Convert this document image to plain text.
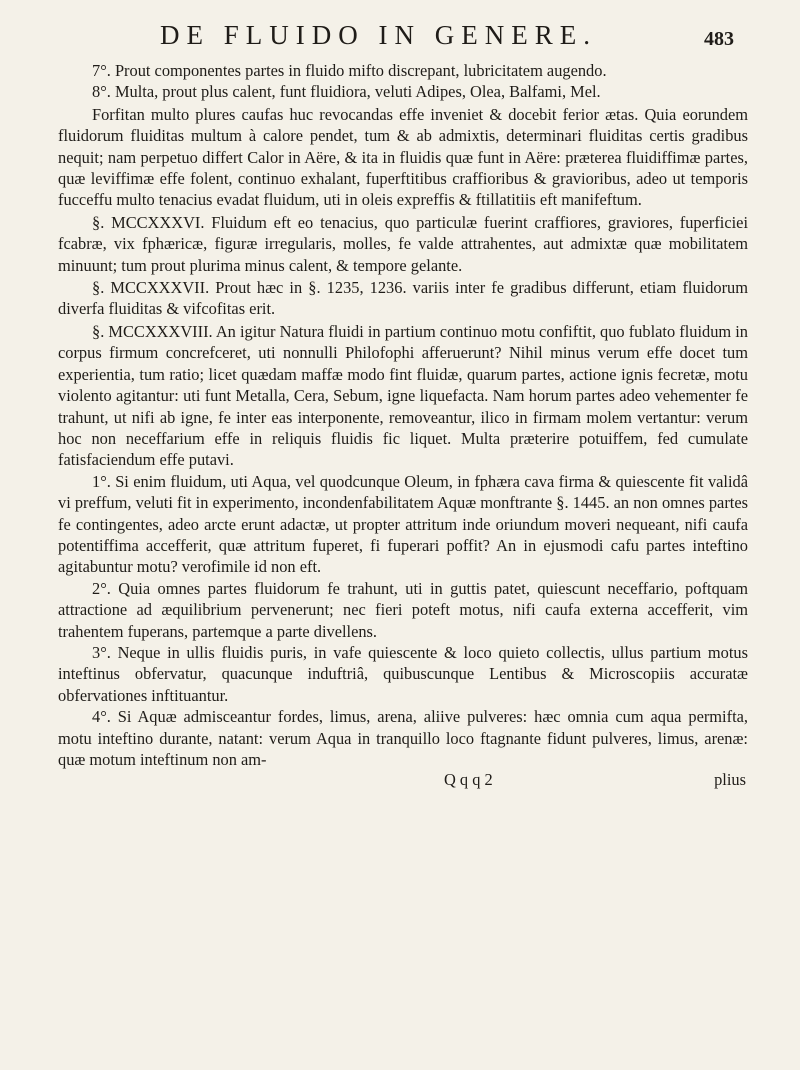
DE FLUIDO IN GENERE.	483

7°. Prout componentes partes in fluido mifto discrepant, lubricitatem augendo.

8°. Multa, prout plus calent, funt fluidiora, veluti Adipes, Olea, Balfami, Mel.

Forfitan multo plures caufas huc revocandas effe inveniet & docebit ferior ætas. Quia eorundem fluidorum fluiditas multum à calore pendet, tum & ab admixtis, determinari fluiditas certis gradibus nequit; nam perpetuo differt Calor in Aëre, & ita in fluidis quæ funt in Aëre: præterea fluidiffimæ partes, quæ leviffimæ effe folent, continuo exhalant, fuperftitibus craffioribus & gravioribus, adeo ut temporis fucceffu multo tenacius evadat fluidum, uti in oleis expreffis & ftillatitiis eft manifeftum.

§. MCCXXXVI. Fluidum eft eo tenacius, quo particulæ fuerint craffiores, graviores, fuperficiei fcabræ, vix fphæricæ, figuræ irregularis, molles, fe valde attrahentes, aut admixtæ quæ mobilitatem minuunt; tum prout plurima minus calent, & tempore gelante.

§. MCCXXXVII. Prout hæc in §. 1235, 1236. variis inter fe gradibus differunt, etiam fluidorum diverfa fluiditas & vifcofitas erit.

§. MCCXXXVIII. An igitur Natura fluidi in partium continuo motu confiftit, quo fublato fluidum in corpus firmum concrefceret, uti nonnulli Philofophi afferuerunt? Nihil minus verum effe docet tum experientia, tum ratio; licet quædam maffæ modo fint fluidæ, quarum partes, actione ignis fecretæ, motu violento agitantur: uti funt Metalla, Cera, Sebum, igne liquefacta. Nam horum partes adeo vehementer fe trahunt, ut nifi ab igne, fe inter eas interponente, removeantur, ilico in firmam molem vertantur: verum hoc non neceffarium effe in reliquis fluidis fic liquet. Multa præterire potuiffem, fed cumulate fatisfaciendum effe putavi.

1°. Si enim fluidum, uti Aqua, vel quodcunque Oleum, in fphæra cava firma & quiescente fit validâ vi preffum, veluti fit in experimento, incondenfabilitatem Aquæ monftrante §. 1445. an non omnes partes fe contingentes, adeo arcte erunt adactæ, ut propter attritum inde oriundum moveri nequeant, nifi caufa potentiffima accefferit, quæ attritum fuperet, fi fuperari poffit? An in ejusmodi cafu partes inteftino agitabuntur motu? verofimile id non eft.

2°. Quia omnes partes fluidorum fe trahunt, uti in guttis patet, quiescunt neceffario, poftquam attractione ad æquilibrium pervenerunt; nec fieri poteft motus, nifi caufa externa accefferit, vim trahentem fuperans, partemque a parte divellens.

3°. Neque in ullis fluidis puris, in vafe quiescente & loco quieto collectis, ullus partium motus inteftinus obfervatur, quacunque induftriâ, quibuscunque Lentibus & Microscopiis accuratæ obfervationes inftituantur.

4°. Si Aquæ admisceantur fordes, limus, arena, aliive pulveres: hæc omnia cum aqua permifta, motu inteftino durante, natant: verum Aqua in tranquillo loco ftagnante fidunt pulveres, limus, arenæ: quæ motum inteftinum non am-

Q q q 2	plius
